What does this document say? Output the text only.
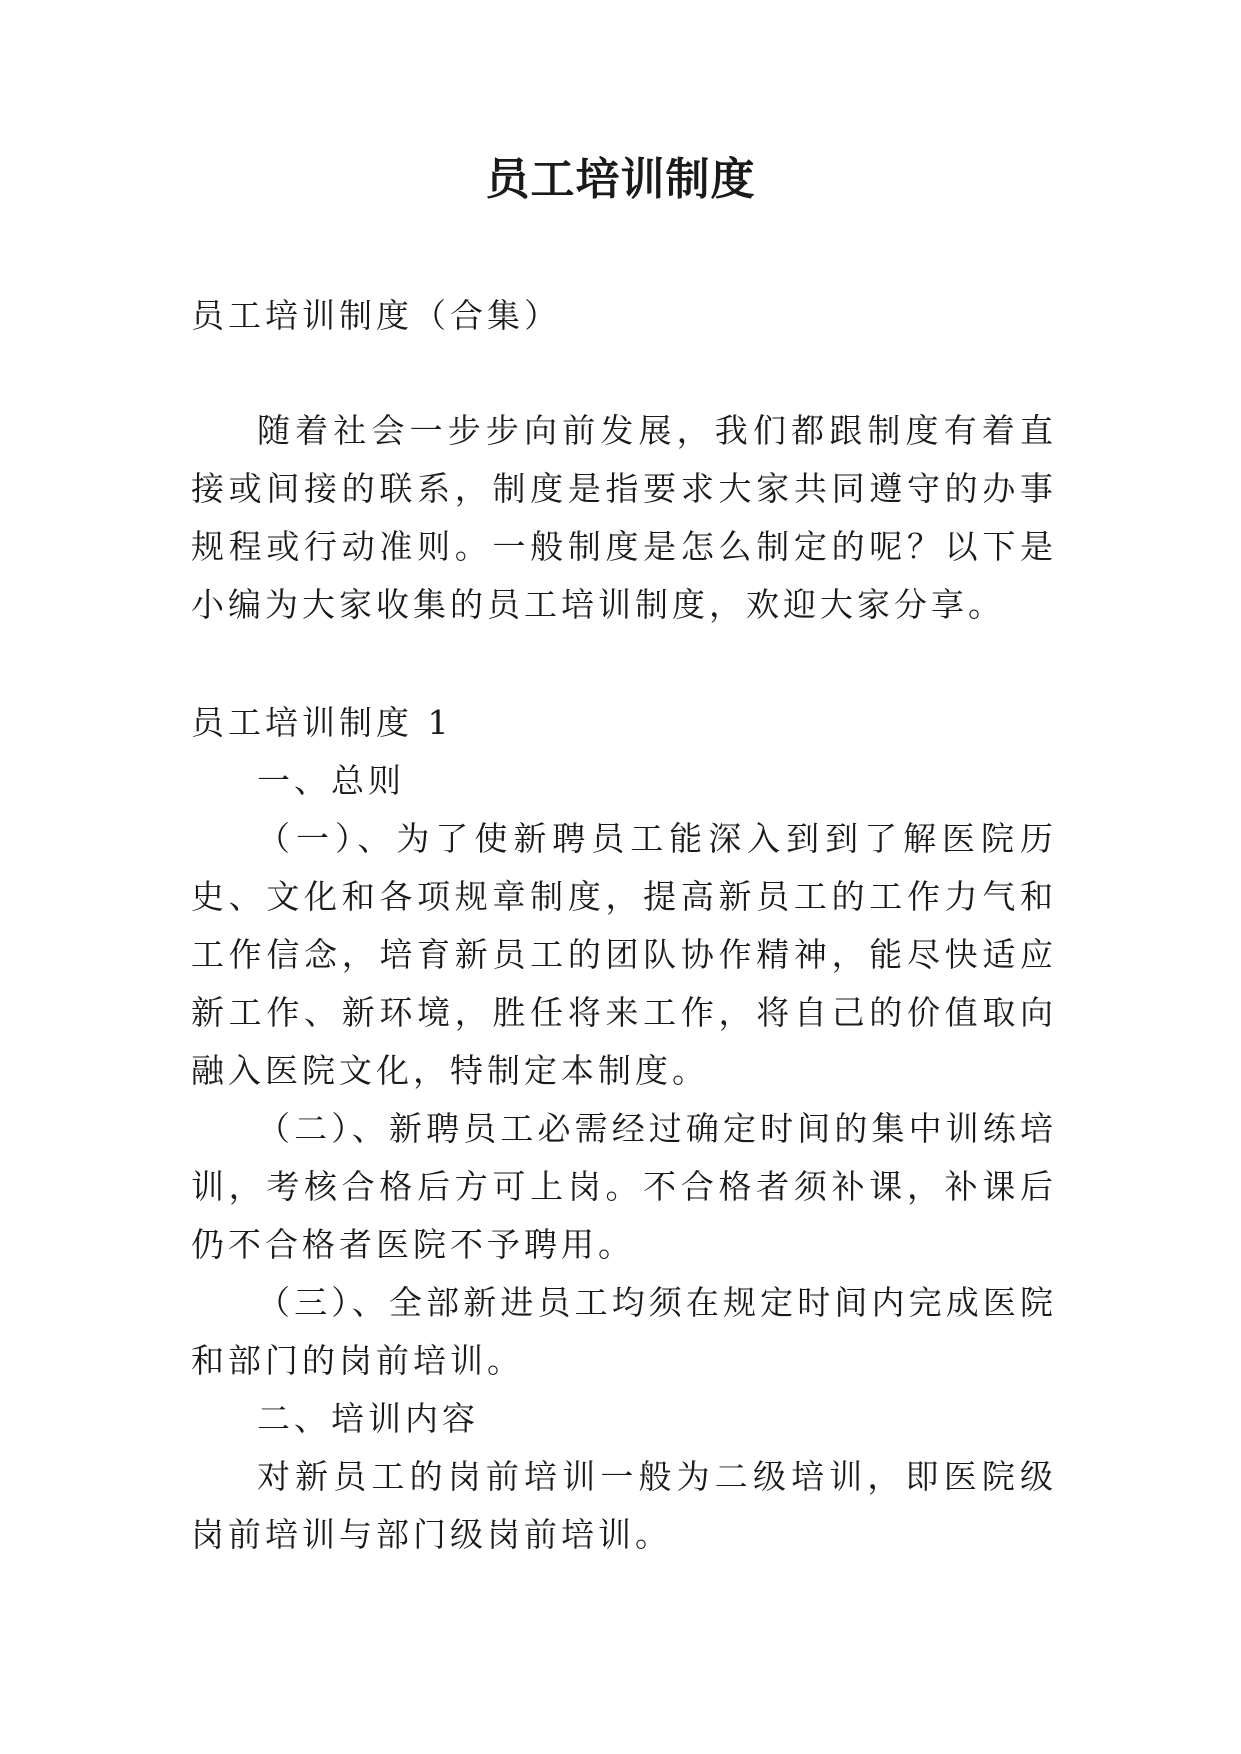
员工培训制度

员工培训制度（合集）

随着社会一步步向前发展，我们都跟制度有着直接或间接的联系，制度是指要求大家共同遵守的办事规程或行动准则。一般制度是怎么制定的呢？以下是小编为大家收集的员工培训制度，欢迎大家分享。

员工培训制度 1

一、总则

（一）、为了使新聘员工能深入到到了解医院历史、文化和各项规章制度，提高新员工的工作力气和工作信念，培育新员工的团队协作精神，能尽快适应新工作、新环境，胜任将来工作，将自己的价值取向融入医院文化，特制定本制度。

（二）、新聘员工必需经过确定时间的集中训练培训，考核合格后方可上岗。不合格者须补课，补课后仍不合格者医院不予聘用。

（三）、全部新进员工均须在规定时间内完成医院和部门的岗前培训。

二、培训内容

对新员工的岗前培训一般为二级培训，即医院级岗前培训与部门级岗前培训。
